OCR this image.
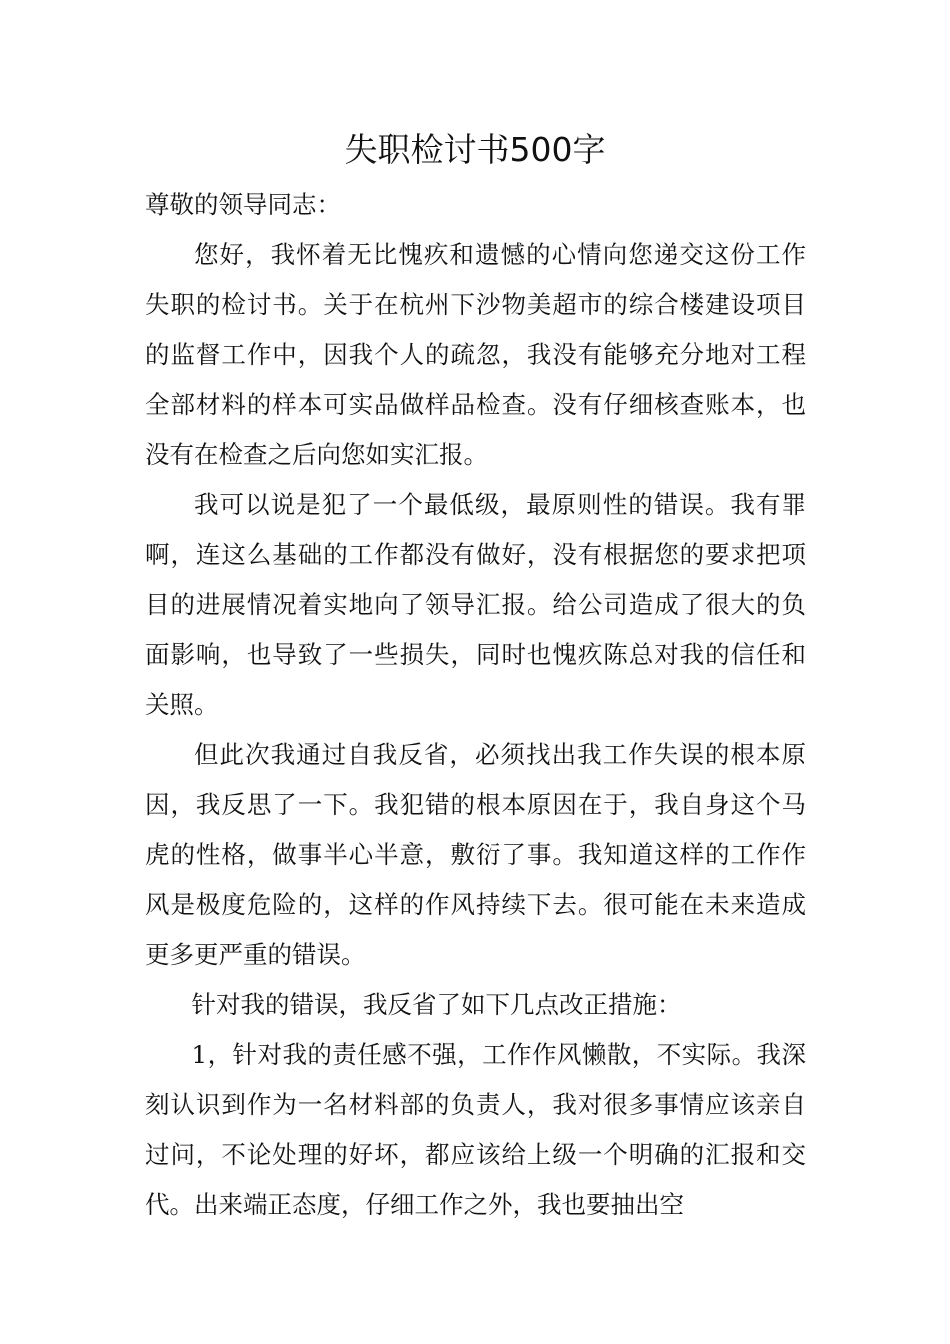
失职检讨书500字

尊敬的领导同志：

您好，我怀着无比愧疚和遗憾的心情向您递交这份工作失职的检讨书。关于在杭州下沙物美超市的综合楼建设项目的监督工作中，因我个人的疏忽，我没有能够充分地对工程全部材料的样本可实品做样品检查。没有仔细核查账本，也没有在检查之后向您如实汇报。

我可以说是犯了一个最低级，最原则性的错误。我有罪啊，连这么基础的工作都没有做好，没有根据您的要求把项目的进展情况着实地向了领导汇报。给公司造成了很大的负面影响，也导致了一些损失，同时也愧疚陈总对我的信任和关照。

但此次我通过自我反省，必须找出我工作失误的根本原因，我反思了一下。我犯错的根本原因在于，我自身这个马虎的性格，做事半心半意，敷衍了事。我知道这样的工作作风是极度危险的，这样的作风持续下去。很可能在未来造成更多更严重的错误。

针对我的错误，我反省了如下几点改正措施：

1，针对我的责任感不强，工作作风懒散，不实际。我深刻认识到作为一名材料部的负责人，我对很多事情应该亲自过问，不论处理的好坏，都应该给上级一个明确的汇报和交代。出来端正态度，仔细工作之外，我也要抽出空
